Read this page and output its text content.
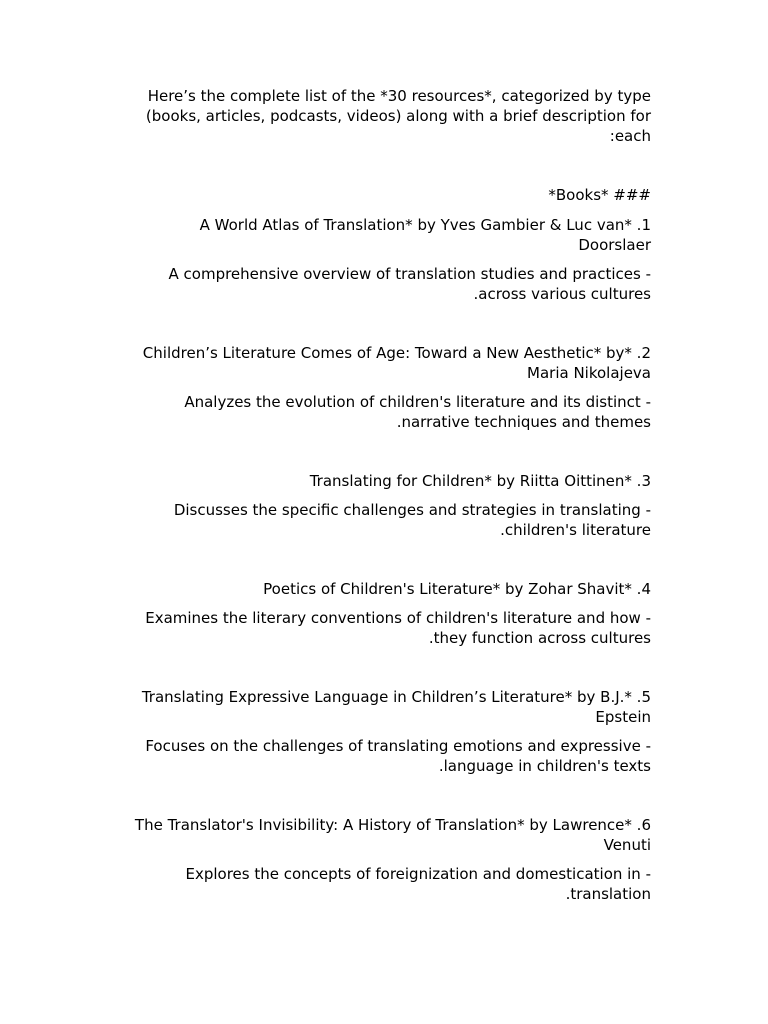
Here’s the complete list of the *30 resources*, categorized by type
(books, articles, podcasts, videos) along with a brief description for
:each
*Books* ###
A World Atlas of Translation* by Yves Gambier & Luc van* .1
Doorslaer
A comprehensive overview of translation studies and practices -
.across various cultures
Children’s Literature Comes of Age: Toward a New Aesthetic* by* .2
Maria Nikolajeva
Analyzes the evolution of children's literature and its distinct -
.narrative techniques and themes
Translating for Children* by Riitta Oittinen* .3
Discusses the specific challenges and strategies in translating -
.children's literature
Poetics of Children's Literature* by Zohar Shavit* .4
Examines the literary conventions of children's literature and how -
.they function across cultures
Translating Expressive Language in Children’s Literature* by B.J.* .5
Epstein
Focuses on the challenges of translating emotions and expressive -
.language in children's texts
The Translator's Invisibility: A History of Translation* by Lawrence* .6
Venuti
Explores the concepts of foreignization and domestication in -
.translation
